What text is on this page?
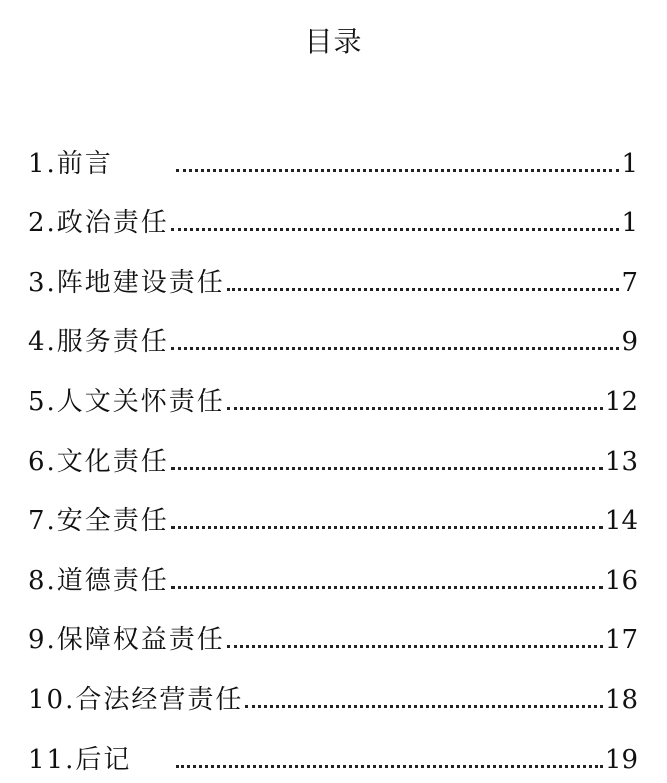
目录
1.前言	1
2.政治责任	1
3.阵地建设责任	7
4.服务责任	9
5.人文关怀责任	12
6.文化责任	13
7.安全责任	14
8.道德责任	16
9.保障权益责任	17
10.合法经营责任	18
11.后记	19
